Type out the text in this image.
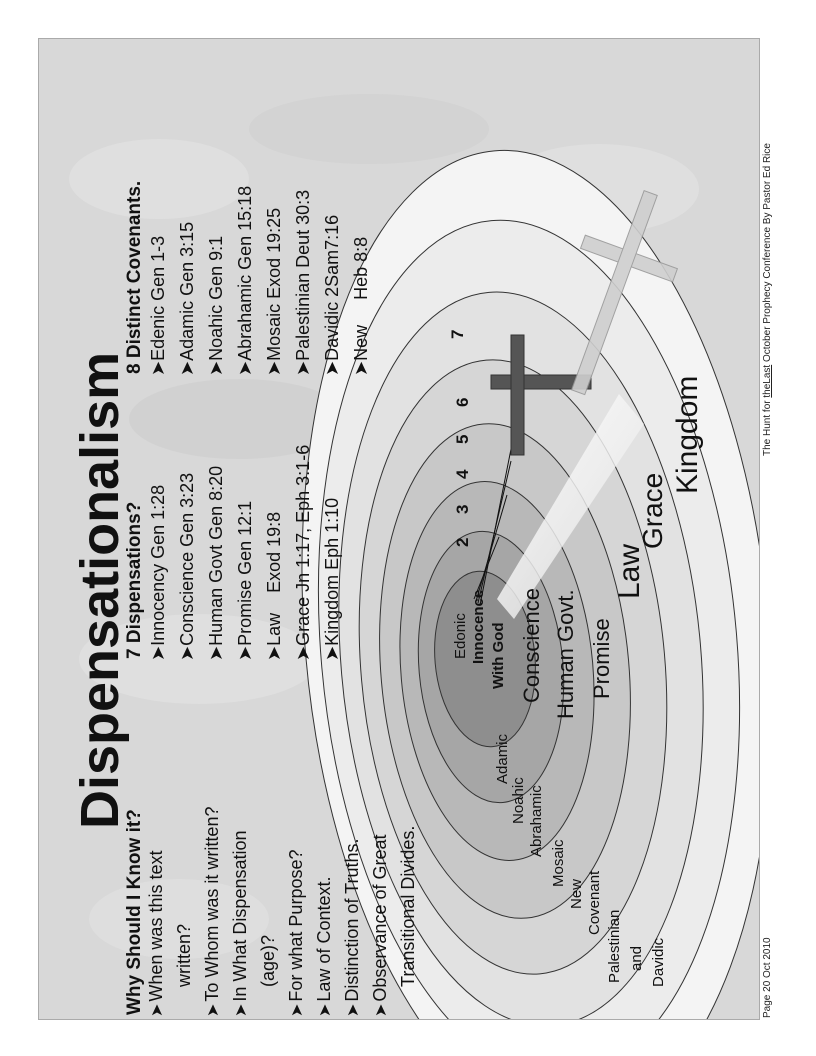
Page 20 Oct 2010
The Hunt for theLast October Prophecy Conference By Pastor Ed Rice
Dispensationalism
Why Should I Know it? ➤When was this text written?
➤To Whom was it written?
➤In What Dispensation (age)?
➤For what Purpose?
➤Law of Context.
➤Distinction of Truths.
➤Observance of Great Transitional Divides.
7 Dispensations? ➤Innocency Gen 1:28 ➤Conscience Gen 3:23 ➤Human Govt Gen 8:20 ➤Promise Gen 12:1 ➤Law    Exod 19:8 ➤Grace Jn 1:17, Eph 3:1-6 ➤Kingdom Eph 1:10
8 Distinct Covenants. ➤Edenic Gen 1-3 ➤Adamic Gen 3:15 ➤Noahic Gen 9:1 ➤Abrahamic Gen 15:18 ➤Mosaic Exod 19:25 ➤Palestinian Deut 30:3 ➤Davidic 2Sam7:16 ➤New     Heb 8:8
Adamic
Noahic Abrahamic
Mosaic
New Covenant
Palestinian and Davidic
Edonic Innocence With God Conscience Human Govt. Promise
Law
Grace
Kingdom
2
3
4
5
6
7
